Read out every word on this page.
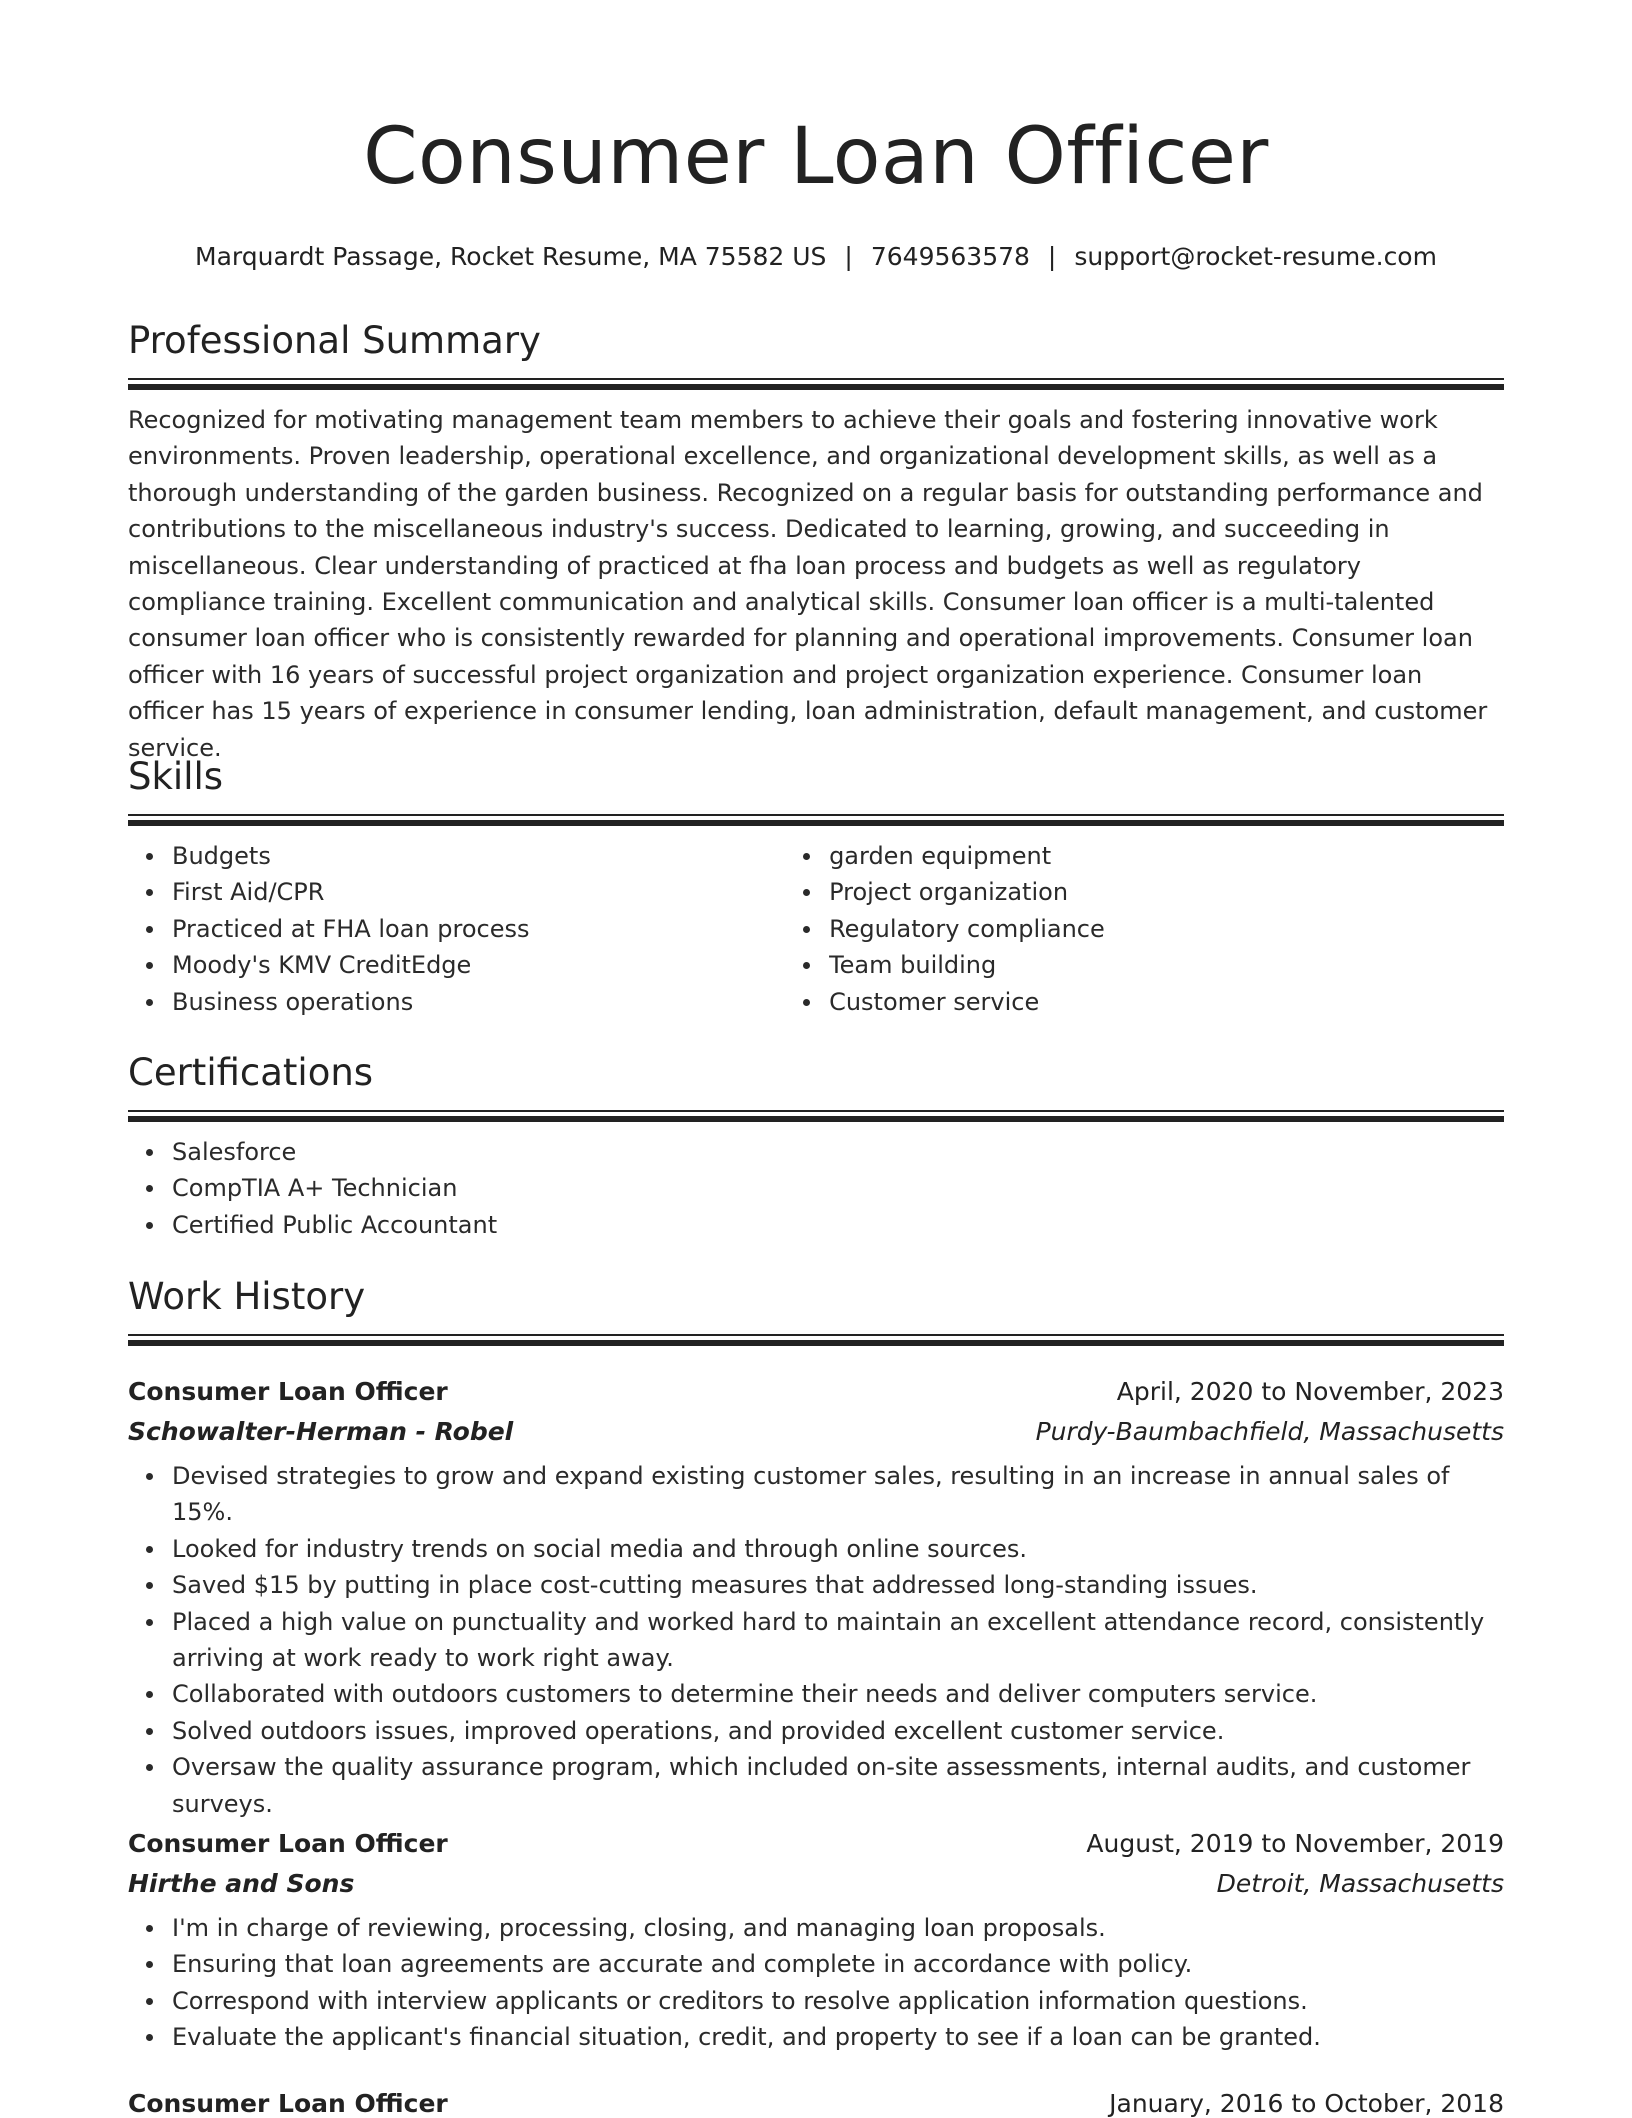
Consumer Loan Officer
Marquardt Passage, Rocket Resume, MA 75582 US | 7649563578 | support@rocket-resume.com
Professional Summary

Recognized for motivating management team members to achieve their goals and fostering innovative work environments. Proven leadership, operational excellence, and organizational development skills, as well as a thorough understanding of the garden business. Recognized on a regular basis for outstanding performance and contributions to the miscellaneous industry's success. Dedicated to learning, growing, and succeeding in miscellaneous. Clear understanding of practiced at fha loan process and budgets as well as regulatory compliance training. Excellent communication and analytical skills. Consumer loan officer is a multi-talented consumer loan officer who is consistently rewarded for planning and operational improvements. Consumer loan officer with 16 years of successful project organization and project organization experience. Consumer loan officer has 15 years of experience in consumer lending, loan administration, default management, and customer service.

Skills
Budgets
First Aid/CPR
Practiced at FHA loan process
Moody's KMV CreditEdge
Business operations
garden equipment
Project organization
Regulatory compliance
Team building
Customer service
Certifications
Salesforce
CompTIA A+ Technician
Certified Public Accountant
Work History
Consumer Loan Officer	April, 2020 to November, 2023
Schowalter-Herman - Robel	Purdy-Baumbachfield, Massachusetts
Devised strategies to grow and expand existing customer sales, resulting in an increase in annual sales of 15%.
Looked for industry trends on social media and through online sources.
Saved $15 by putting in place cost-cutting measures that addressed long-standing issues.
Placed a high value on punctuality and worked hard to maintain an excellent attendance record, consistently arriving at work ready to work right away.
Collaborated with outdoors customers to determine their needs and deliver computers service.
Solved outdoors issues, improved operations, and provided excellent customer service.
Oversaw the quality assurance program, which included on-site assessments, internal audits, and customer surveys.
Consumer Loan Officer	August, 2019 to November, 2019
Hirthe and Sons	Detroit, Massachusetts
I'm in charge of reviewing, processing, closing, and managing loan proposals.
Ensuring that loan agreements are accurate and complete in accordance with policy.
Correspond with interview applicants or creditors to resolve application information questions.
Evaluate the applicant's financial situation, credit, and property to see if a loan can be granted.
Consumer Loan Officer	January, 2016 to October, 2018
